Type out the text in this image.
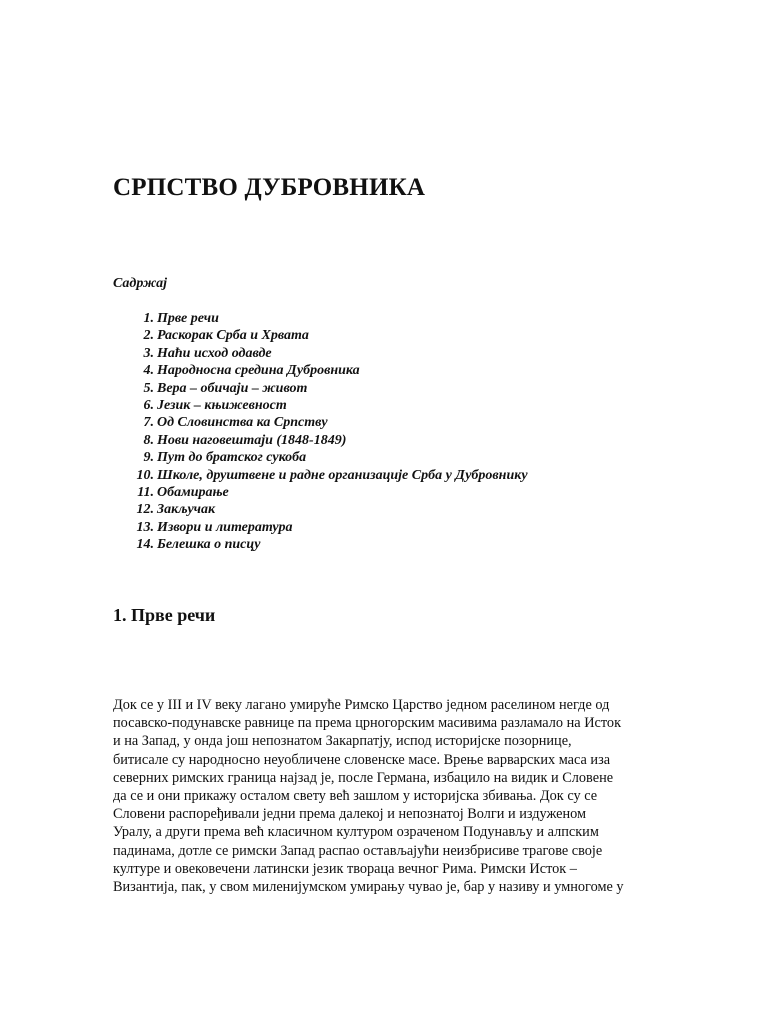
СРПСТВО ДУБРОВНИКА
Садржај
1. Прве речи
2. Раскорак Срба и Хрвата
3. Наћи исход одавде
4. Народносна средина Дубровника
5. Вера – обичаји – живот
6. Језик – књижевност
7. Од Словинства ка Српству
8. Нови наговештаји (1848-1849)
9. Пут до братског сукоба
10. Школе, друштвене и радне организације Срба у Дубровнику
11. Обамирање
12. Закључак
13. Извори и литература
14. Белешка о писцу
1. Прве речи
Док се у III и IV веку лагано умируће Римско Царство једном раселином негде од
посавско-подунавске равнице па према црногорским масивима разламало на Исток
и на Запад, у онда још непознатом Закарпатју, испод историјске позорнице,
битисале су народносно неуобличене словенске масе. Врење варварских маса иза
северних римских граница најзад је, после Германа, избацило на видик и Словене
да се и они прикажу осталом свету већ зашлом у историјска збивања. Док су се
Словени распоређивали једни према далекој и непознатој Волги и издуженом
Уралу, а други према већ класичном културом озраченом Подунављу и алпским
падинама, дотле се римски Запад распао остављајући неизбрисиве трагове своје
културе и овековечени латински језик твораца вечног Рима. Римски Исток –
Византија, пак, у свом миленијумском умирању чувао је, бар у називу и умногоме у
